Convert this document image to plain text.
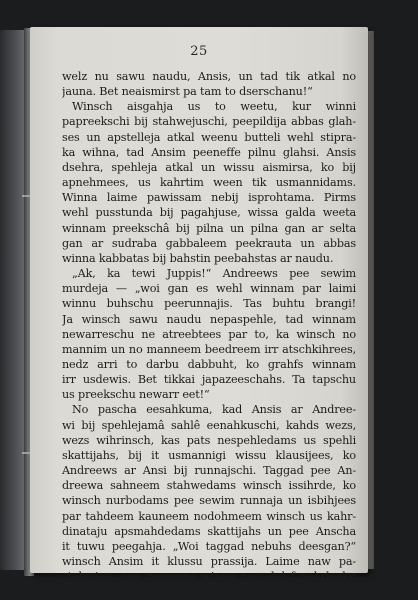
25
welz nu sawu naudu, Ansis, un tad tik atkal no
jauna. Bet neaismirst pa tam to dserschanu!“
Winsch aisgahja us to weetu, kur winni
papreekschi bij stahwejuschi, peepildija abbas glah-
ses un apstelleja atkal weenu butteli wehl stipra-
ka wihna, tad Ansim peeneffe pilnu glahsi. Ansis
dsehra, spehleja atkal un wissu aismirsa, ko bij
apnehmees, us kahrtim ween tik usmannidams.
Winna laime pawissam nebij isprohtama. Pirms
wehl pusstunda bij pagahjuse, wissa galda weeta
winnam preekschâ bij pilna un pilna gan ar selta
gan ar sudraba gabbaleem peekrauta un abbas
winna kabbatas bij bahstin peebahstas ar naudu.
„Ak, ka tewi Juppis!“ Andreews pee sewim
murdeja — „woi gan es wehl winnam par laimi
winnu buhschu peerunnajis. Tas buhtu brangi!
Ja winsch sawu naudu nepaspehle, tad winnam
newarreschu ne atreebtees par to, ka winsch no
mannim un no manneem beedreem irr atschkihrees,
nedz arri to darbu dabbuht, ko grahfs winnam
irr usdewis. Bet tikkai japazeeschahs. Ta tapschu
us preekschu newarr eet!“
No pascha eesahkuma, kad Ansis ar Andree-
wi bij spehlejamâ sahlê eenahkuschi, kahds wezs,
wezs wihrinsch, kas pats nespehledams us spehli
skattijahs, bij it usmannigi wissu klausijees, ko
Andreews ar Ansi bij runnajschi. Taggad pee An-
dreewa sahneem stahwedams winsch issihrde, ko
winsch nurbodams pee sewim runnaja un isbihjees
par tahdeem kauneem nodohmeem winsch us kahr-
dinataju apsmahdedams skattijahs un pee Anscha
it tuwu peegahja. „Woi taggad nebuhs deesgan?“
winsch Ansim it klussu prassija. Laime naw pa-
stahwiga, pee neweena winna nemehdsf pahrleeku
